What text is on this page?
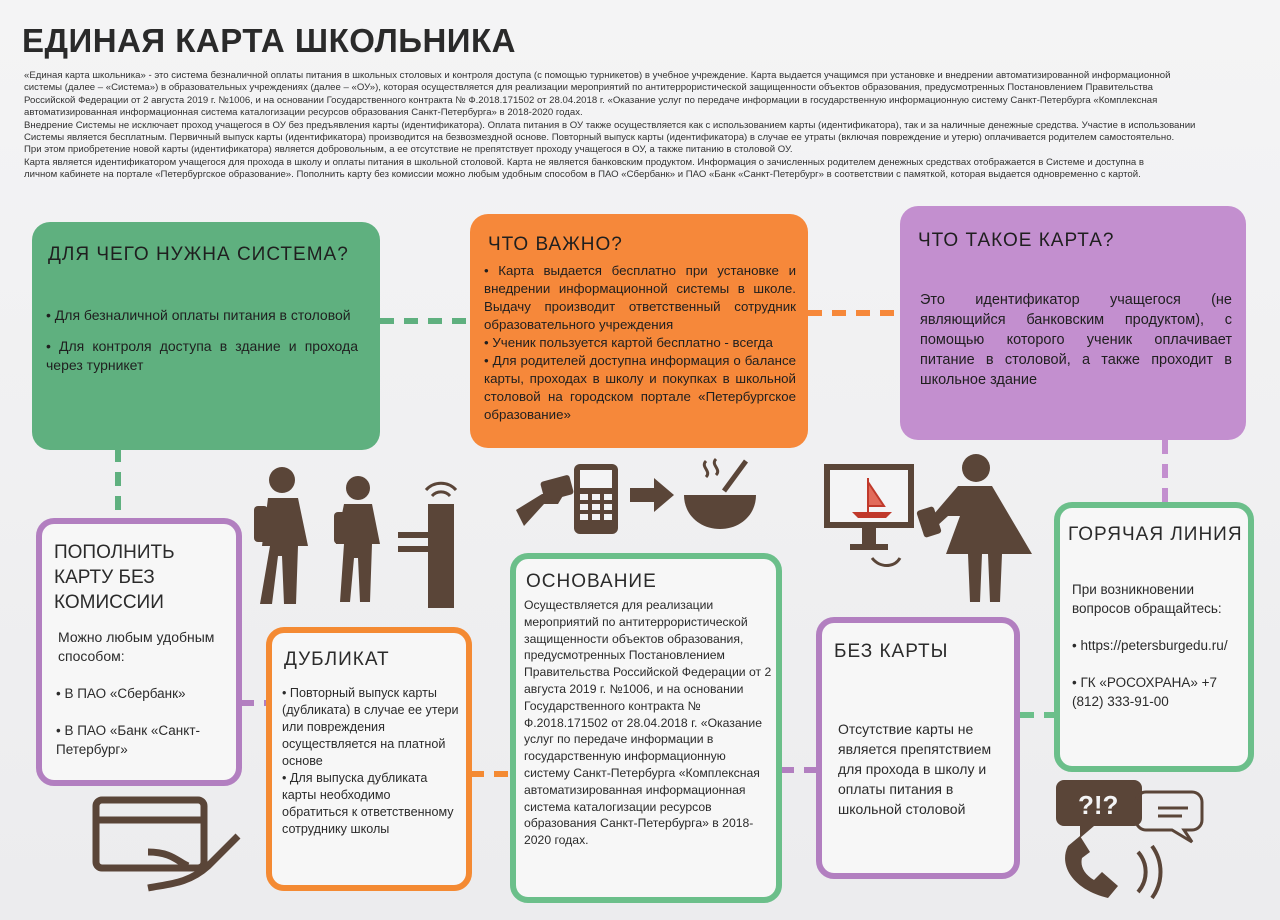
ЕДИНАЯ КАРТА ШКОЛЬНИКА

«Единая карта школьника» - это система безналичной оплаты питания в школьных столовых и контроля доступа (с помощью турникетов) в учебное учреждение. Карта выдается учащимся при установке и внедрении автоматизированной информационной

системы (далее – «Система») в образовательных учреждениях (далее – «ОУ»), которая осуществляется для реализации мероприятий по антитеррористической защищенности объектов образования, предусмотренных Постановлением Правительства

Российской Федерации от 2 августа 2019 г. №1006, и на основании Государственного контракта № Ф.2018.171502 от 28.04.2018 г. «Оказание услуг по передаче информации в государственную информационную систему Санкт-Петербурга «Комплексная

автоматизированная информационная система каталогизации ресурсов образования Санкт-Петербурга» в 2018-2020 годах.

Внедрение Системы не исключает проход учащегося в ОУ без предъявления карты (идентификатора). Оплата питания в ОУ также осуществляется как с использованием карты (идентификатора), так и за наличные денежные средства. Участие в использовании

Системы является бесплатным. Первичный выпуск карты (идентификатора) производится на безвозмездной основе. Повторный выпуск карты (идентификатора) в случае ее утраты (включая повреждение и утерю) оплачивается родителем самостоятельно.

При этом приобретение новой карты (идентификатора) является добровольным, а ее отсутствие не препятствует проходу учащегося в ОУ, а также питанию в столовой ОУ.

Карта является идентификатором учащегося для прохода в школу и оплаты питания в школьной столовой. Карта не является банковским продуктом. Информация о зачисленных родителем денежных средствах отображается в Системе и доступна в

личном кабинете на портале «Петербургское образование». Пополнить карту без комиссии можно любым удобным способом в ПАО «Сбербанк» и ПАО «Банк «Санкт-Петербург» в соответствии с памяткой, которая выдается одновременно с картой.

ДЛЯ ЧЕГО НУЖНА СИСТЕМА?

• Для безналичной оплаты питания в столовой

• Для контроля доступа в здание и прохода через турникет

ЧТО ВАЖНО?

• Карта выдается бесплатно при установке и внедрении информационной системы в школе. Выдачу производит ответственный сотрудник образовательного учреждения

• Ученик пользуется картой бесплатно - всегда

• Для родителей доступна информация о балансе карты, проходах в школу и покупках в школьной столовой на городском портале «Петербургское образование»

ЧТО ТАКОЕ КАРТА?
Это идентификатор учащегося (не являющийся банковским продуктом), с помощью которого ученик оплачивает питание в столовой, а также проходит в школьное здание
ПОПОЛНИТЬ КАРТУ БЕЗ КОМИССИИ
Можно любым удобным способом:

• В ПАО «Сбербанк»

• В ПАО «Банк «Санкт-Петербург»

ДУБЛИКАТ

• Повторный выпуск карты (дубликата) в случае ее утери или повреждения осуществляется на платной основе

• Для выпуска дубликата карты необходимо обратиться к ответственному сотруднику школы

ОСНОВАНИЕ
Осуществляется для реализации мероприятий по антитеррористической защищенности объектов образования, предусмотренных Постановлением Правительства Российской Федерации от 2 августа 2019 г. №1006, и на основании Государственного контракта № Ф.2018.171502 от 28.04.2018 г. «Оказание услуг по передаче информации в государственную информационную систему Санкт-Петербурга «Комплексная автоматизированная информационная система каталогизации ресурсов образования Санкт-Петербурга» в 2018-2020 годах.
БЕЗ КАРТЫ
Отсутствие карты не является препятствием для прохода в школу и оплаты питания в школьной столовой
ГОРЯЧАЯ ЛИНИЯ
При возникновении вопросов обращайтесь:

• https://petersburgedu.ru/

• ГК «РОСОХРАНА» +7 (812) 333-91-00

?!?
